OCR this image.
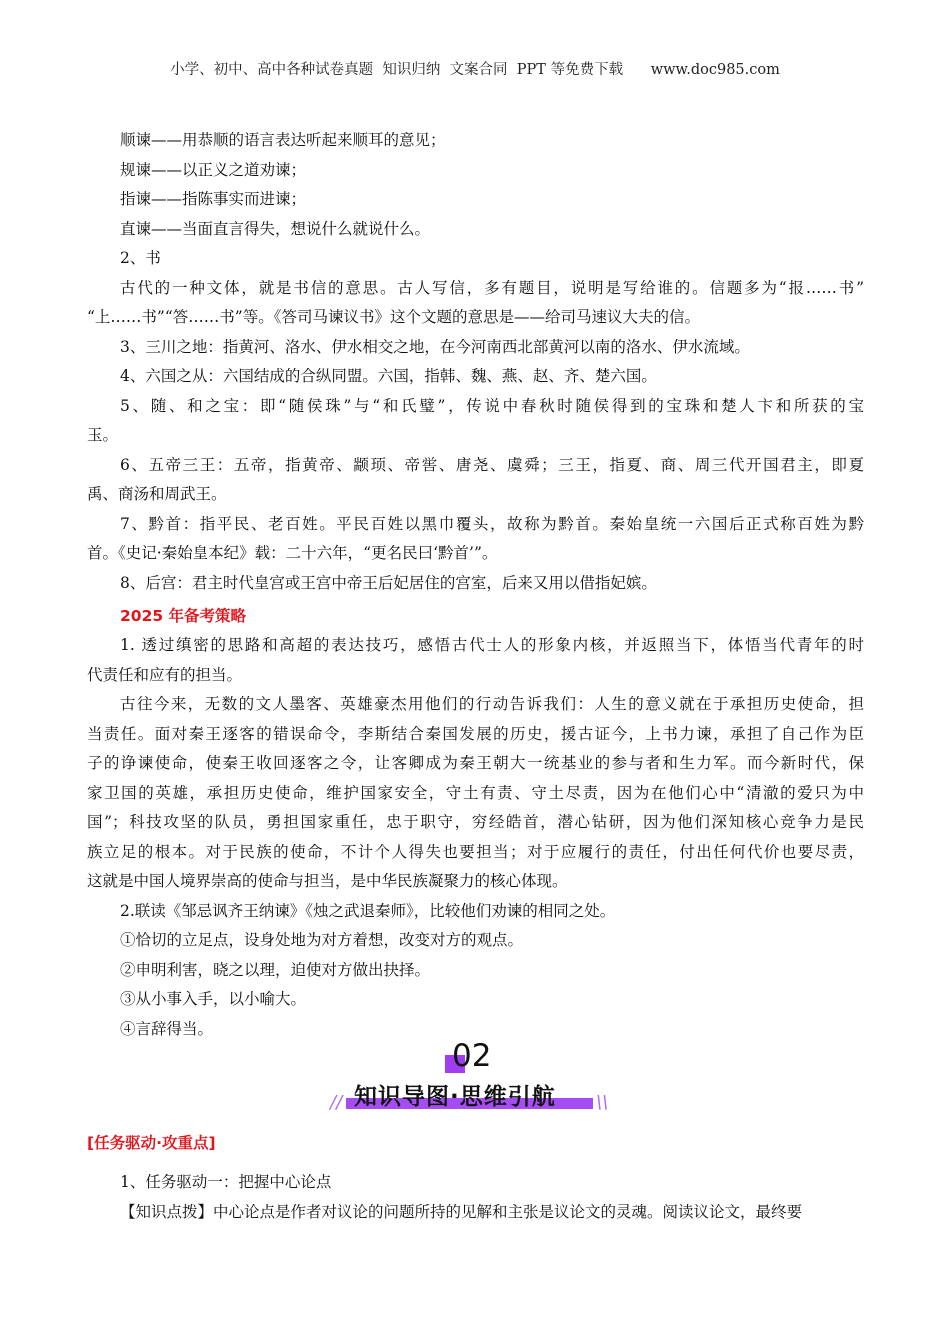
小学、初中、高中各种试卷真题  知识归纳  文案合同  PPT 等免费下载      www.doc985.com
顺谏——用恭顺的语言表达听起来顺耳的意见；
规谏——以正义之道劝谏；
指谏——指陈事实而进谏；
直谏——当面直言得失，想说什么就说什么。
2、书
古代的一种文体，就是书信的意思。古人写信，多有题目，说明是写给谁的。信题多为“报……书”
“上……书”“答……书”等。《答司马谏议书》这个文题的意思是——给司马速议大夫的信。
3、三川之地：指黄河、洛水、伊水相交之地，在今河南西北部黄河以南的洛水、伊水流域。
4、六国之从：六国结成的合纵同盟。六国，指韩、魏、燕、赵、齐、楚六国。
5、随、和之宝：即“随侯珠”与“和氏璧”，传说中春秋时随侯得到的宝珠和楚人卞和所获的宝
玉。
6、五帝三王：五帝，指黄帝、颛顼、帝喾、唐尧、虞舜；三王，指夏、商、周三代开国君主，即夏
禹、商汤和周武王。
7、黔首：指平民、老百姓。平民百姓以黑巾覆头，故称为黔首。秦始皇统一六国后正式称百姓为黔
首。《史记·秦始皇本纪》载：二十六年，“更名民曰‘黔首’”。
8、后宫：君主时代皇宫或王宫中帝王后妃居住的宫室，后来又用以借指妃嫔。
2025 年备考策略
1. 透过缜密的思路和高超的表达技巧，感悟古代士人的形象内核，并返照当下，体悟当代青年的时
代责任和应有的担当。
古往今来，无数的文人墨客、英雄豪杰用他们的行动告诉我们：人生的意义就在于承担历史使命，担
当责任。面对秦王逐客的错误命令，李斯结合秦国发展的历史，援古证今，上书力谏，承担了自己作为臣
子的诤谏使命，使秦王收回逐客之令，让客卿成为秦王朝大一统基业的参与者和生力军。而今新时代，保
家卫国的英雄，承担历史使命，维护国家安全，守土有责、守土尽责，因为在他们心中“清澈的爱只为中
国”；科技攻坚的队员，勇担国家重任，忠于职守，穷经皓首，潜心钻研，因为他们深知核心竞争力是民
族立足的根本。对于民族的使命，不计个人得失也要担当；对于应履行的责任，付出任何代价也要尽责，
这就是中国人境界崇高的使命与担当，是中华民族凝聚力的核心体现。
2.联读《邹忌讽齐王纳谏》《烛之武退秦师》，比较他们劝谏的相同之处。
①恰切的立足点，设身处地为对方着想，改变对方的观点。
②申明利害，晓之以理，迫使对方做出抉择。
③从小事入手，以小喻大。
④言辞得当。
02
// 知识导图·思维引航 \\
[任务驱动·攻重点]
1、任务驱动一：把握中心论点
【知识点拨】中心论点是作者对议论的问题所持的见解和主张是议论文的灵魂。阅读议论文，最终要
